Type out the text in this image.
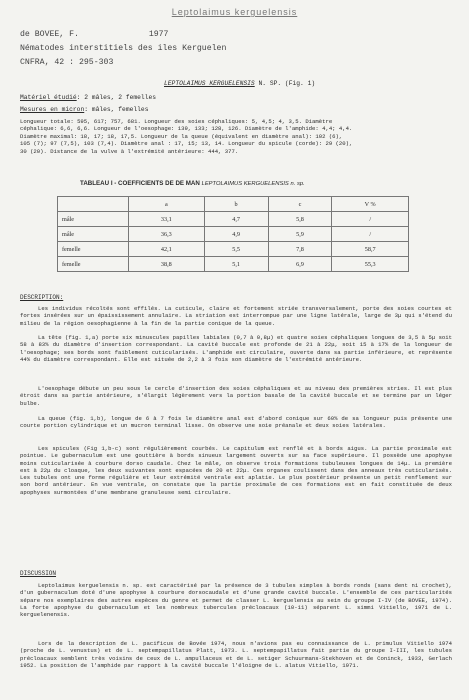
Leptolaimus kerguelensis
de BOVEE, F.	1977
Nématodes interstitiels des iles Kerguelen
CNFRA, 42 : 295-303
LEPTOLAIMUS KERGUELENSIS N. SP. (Fig. 1)
Matériel étudié: 2 mâles, 2 femelles
Mesures en micron: mâles, femelles
Longueur totale: 595, 617; 757, 681. Longueur des soies céphaliques: 5, 4,5; 4, 3,5. Diamètre
céphalique: 6,6, 6,6. Longueur de l'oesophage: 139, 133; 128, 126. Diamètre de l'amphide: 4,4; 4,4.
Diamètre maximal: 18, 17; 18, 17,5. Longueur de la queue (équivalent en diamètre anal): 102 (6),
105 (7); 97 (7,5), 103 (7,4). Diamètre anal : 17, 15; 13, 14. Longueur du spicule (corde): 29 (20),
30 (20). Distance de la vulve à l'extrémité antérieure: 444, 377.
TABLEAU I - COEFFICIENTS DE DE MAN LEPTOLAIMUS KERGUELENSIS n. sp.
	a	b	c	V %
mâle	33,1	4,7	5,8	/
mâle	36,3	4,9	5,9	/
femelle	42,1	5,5	7,8	58,7
femelle	38,8	5,1	6,9	55,3
DESCRIPTION:
Les individus récoltés sont effilés. La cuticule, claire et fortement striée transversalement, porte des soies courtes et fortes insérées sur un épaississement annulaire. La striation est interrompue par une ligne latérale, large de 3μ qui s'étend du milieu de la région oesophagienne à la fin de la partie conique de la queue.
La tête (fig. 1,a) porte six minuscules papilles labiales (0,7 à 0,8μ) et quatre soies céphaliques longues de 3,5 à 5μ soit 58 à 83% du diamètre d'insertion correspondant. La cavité buccale est profonde de 21 à 22μ, soit 15 à 17% de la longueur de l'oesophage; ses bords sont faiblement cuticularisés. L'amphide est circulaire, ouverte dans sa partie inférieure, et représente 44% du diamètre correspondant. Elle est située de 2,2 à 3 fois son diamètre de l'extrémité antérieure.
L'oesophage débute un peu sous le cercle d'insertion des soies céphaliques et au niveau des premières stries. Il est plus étroit dans sa partie antérieure, s'élargit légèrement vers la portion basale de la cavité buccale et se termine par un léger bulbe.
La queue (fig. 1,b), longue de 6 à 7 fois le diamètre anal est d'abord conique sur 60% de sa longueur puis présente une courte portion cylindrique et un mucron terminal lisse. On observe une soie préanale et deux soies latérales.
Les spicules (Fig 1,b-c) sont régulièrement courbés. Le capitulum est renflé et à bords aigus. La partie proximale est pointue. Le gubernaculum est une gouttière à bords sinueux largement ouverts sur sa face supérieure. Il possède une apophyse moins cuticularisée à courbure dorso caudale. Chez le mâle, on observe trois formations tubuleuses longues de 14μ. La première est à 22μ du cloaque, les deux suivantes sont espacées de 20 et 22μ. Ces organes coulissent dans des anneaux très cuticularisés. Les tubules ont une forme régulière et leur extrémité ventrale est aplatie. Le plus postérieur présente un petit renflement sur son bord antérieur. En vue ventrale, on constate que la partie proximale de ces formations est en fait constituée de deux apophyses surmontées d'une membrane granuleuse semi circulaire.
DISCUSSION
Leptolaimus kerguelensis n. sp. est caractérisé par la présence de 3 tubules simples à bords ronds (sans dent ni crochet), d'un gubernaculum doté d'une apophyse à courbure dorsocaudale et d'une grande cavité buccale. L'ensemble de ces particularités sépare nos exemplaires des autres espèces du genre et permet de classer L. kerguelensis au sein du groupe I-IV (de BOVEE, 1974). La forte apophyse du gubernaculum et les nombreux tubercules précloacaux (10-11) séparent L. simmi Vitiello, 1971 de L. kerguelenensis.
Lors de la description de L. pacificus de Bovée 1974, nous n'avions pas eu connaissance de L. primulus Vitiello 1974 (proche de L. venustus) et de L. septempapillatus Platt, 1973. L. septempapillatus fait partie du groupe I-III, les tubules précloacaux semblent très voisins de ceux de L. ampullaceus et de L. setiger Schuurmans-Stekhoven et de Coninck, 1933, Gerlach 1952. La position de l'amphide par rapport à la cavité buccale l'éloigne de L. alatus Vitiello, 1971.
